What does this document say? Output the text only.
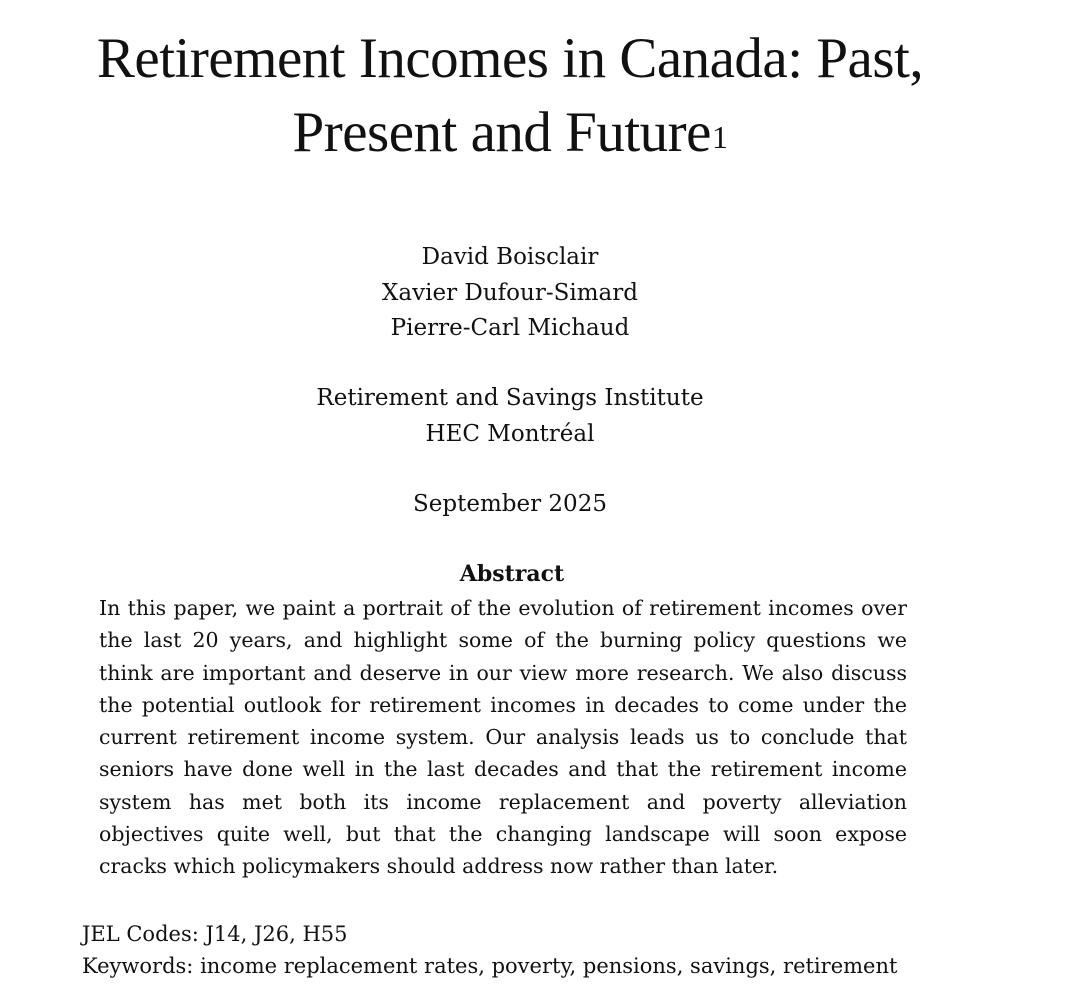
Retirement Incomes in Canada: Past,
Present and Future$^1$
David Boisclair
Xavier Dufour-Simard
Pierre-Carl Michaud
Retirement and Savings Institute
HEC Montréal
September 2025
Abstract

In this paper, we paint a portrait of the evolution of retirement incomes over the last 20 years, and highlight some of the burning policy questions we think are important and deserve in our view more research. We also discuss the potential outlook for retirement incomes in decades to come under the current retirement income system. Our analysis leads us to conclude that seniors have done well in the last decades and that the retirement income system has met both its income replacement and poverty alleviation objectives quite well, but that the changing landscape will soon expose cracks which policymakers should address now rather than later.

JEL Codes: J14, J26, H55
Keywords: income replacement rates, poverty, pensions, savings, retirement
